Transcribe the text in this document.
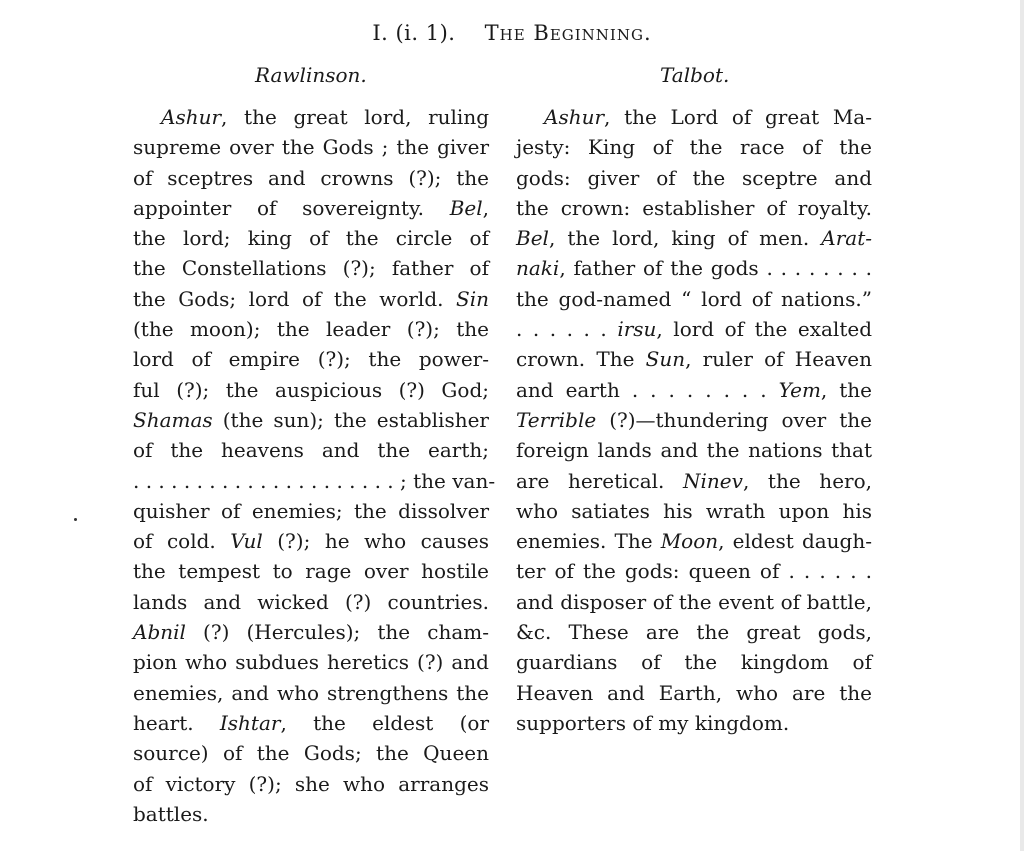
I. (i. 1). The Beginning.
Rawlinson.	Talbot.
Ashur, the great lord, ruling
supreme over the Gods ; the giver
of sceptres and crowns (?); the
appointer of sovereignty. Bel,
the lord; king of the circle of
the Constellations (?); father of
the Gods; lord of the world. Sin
(the moon); the leader (?); the
lord of empire (?); the power-
ful (?); the auspicious (?) God;
Shamas (the sun); the establisher
of the heavens and the earth;
. . . . . . . . . . . . . . . . . . . . . ; the van-
quisher of enemies; the dissolver
of cold. Vul (?); he who causes
the tempest to rage over hostile
lands and wicked (?) countries.
Abnil (?) (Hercules); the cham-
pion who subdues heretics (?) and
enemies, and who strengthens the
heart. Ishtar, the eldest (or
source) of the Gods; the Queen
of victory (?); she who arranges
battles.
Ashur, the Lord of great Ma-
jesty: King of the race of the
gods: giver of the sceptre and
the crown: establisher of royalty.
Bel, the lord, king of men. Arat-
naki, father of the gods . . . . . . . .
the god-named “ lord of nations.”
. . . . . . irsu, lord of the exalted
crown. The Sun, ruler of Heaven
and earth . . . . . . . . Yem, the
Terrible (?)—thundering over the
foreign lands and the nations that
are heretical. Ninev, the hero,
who satiates his wrath upon his
enemies. The Moon, eldest daugh-
ter of the gods: queen of . . . . . .
and disposer of the event of battle,
&c. These are the great gods,
guardians of the kingdom of
Heaven and Earth, who are the
supporters of my kingdom.
